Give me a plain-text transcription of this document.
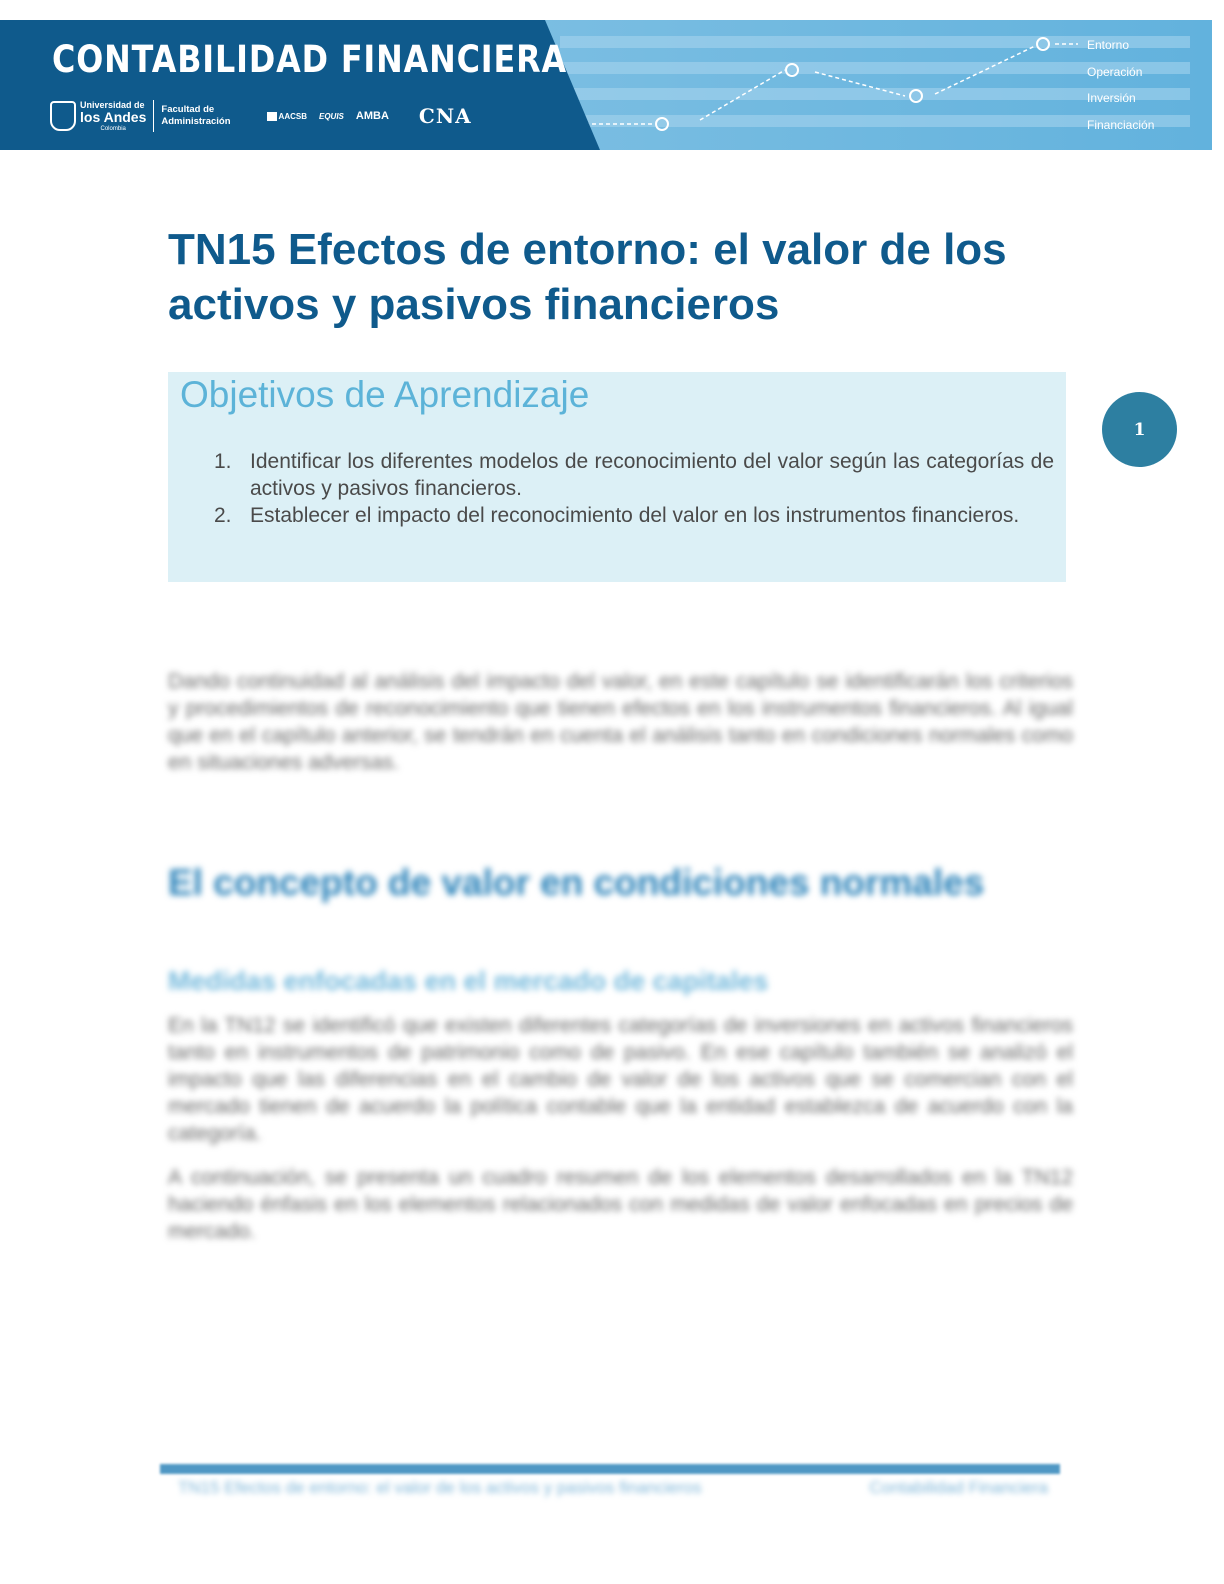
CONTABILIDAD FINANCIERA
Universidad de
los Andes
Colombia
Facultad de
Administración	AACSB EQUIS AMBA CNA
Entorno
Operación
Inversión
Financiación
TN15 Efectos de entorno: el valor de los activos y pasivos financieros
Objetivos de Aprendizaje
1. Identificar los diferentes modelos de reconocimiento del valor según las categorías de activos y pasivos financieros.
2. Establecer el impacto del reconocimiento del valor en los instrumentos financieros.
1

Dando continuidad al análisis del impacto del valor, en este capítulo se identificarán los criterios y procedimientos de reconocimiento que tienen efectos en los instrumentos financieros. Al igual que en el capítulo anterior, se tendrán en cuenta el análisis tanto en condiciones normales como en situaciones adversas.

El concepto de valor en condiciones normales
Medidas enfocadas en el mercado de capitales

En la TN12 se identificó que existen diferentes categorías de inversiones en activos financieros tanto en instrumentos de patrimonio como de pasivo. En ese capítulo también se analizó el impacto que las diferencias en el cambio de valor de los activos que se comercian con el mercado tienen de acuerdo la política contable que la entidad establezca de acuerdo con la categoría.

A continuación, se presenta un cuadro resumen de los elementos desarrollados en la TN12 haciendo énfasis en los elementos relacionados con medidas de valor enfocadas en precios de mercado.

TN15 Efectos de entorno: el valor de los activos y pasivos financieros	Contabilidad Financiera
